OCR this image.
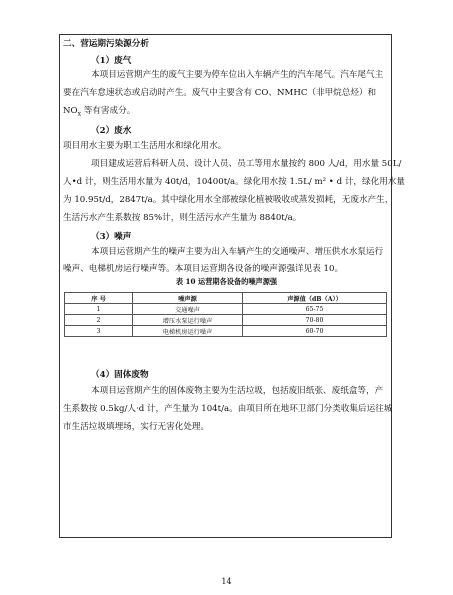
二、营运期污染源分析
（1）废气
本项目运营期产生的废气主要为停车位出入车辆产生的汽车尾气。汽车尾气主
要在汽车怠速状态或启动时产生。废气中主要含有 CO、NMHC（非甲烷总烃）和
$NO_x$ 等有害成分。
（2）废水
项目用水主要为职工生活用水和绿化用水。
项目建成运营后科研人员、设计人员、员工等用水量按约 800 人/d，用水量 50L/
人•d 计，则生活用水量为 40t/d，10400t/a。绿化用水按 1.5L/ m² • d 计，绿化用水量
为 10.95t/d，2847t/a。其中绿化用水全部被绿化植被吸收或蒸发损耗，无废水产生，
生活污水产生系数按 85%计，则生活污水产生量为 8840t/a。
（3）噪声
本项目运营期产生的噪声主要为出入车辆产生的交通噪声、增压供水水泵运行
噪声、电梯机房运行噪声等。本项目运营期各设备的噪声源强详见表 10。
表 10 运营期各设备的噪声源强
序 号	噪声源	声源值（dB（A））
1	交通噪声	65-75
2	增压水泵运行噪声	70-80
3	电梯机房运行噪声	60-70
（4）固体废物
本项目运营期产生的固体废物主要为生活垃圾，包括废旧纸张、废纸盒等，产
生系数按 0.5kg/人·d 计，产生量为 104t/a。由项目所在地环卫部门分类收集后运往城
市生活垃圾填埋场，实行无害化处理。
14
